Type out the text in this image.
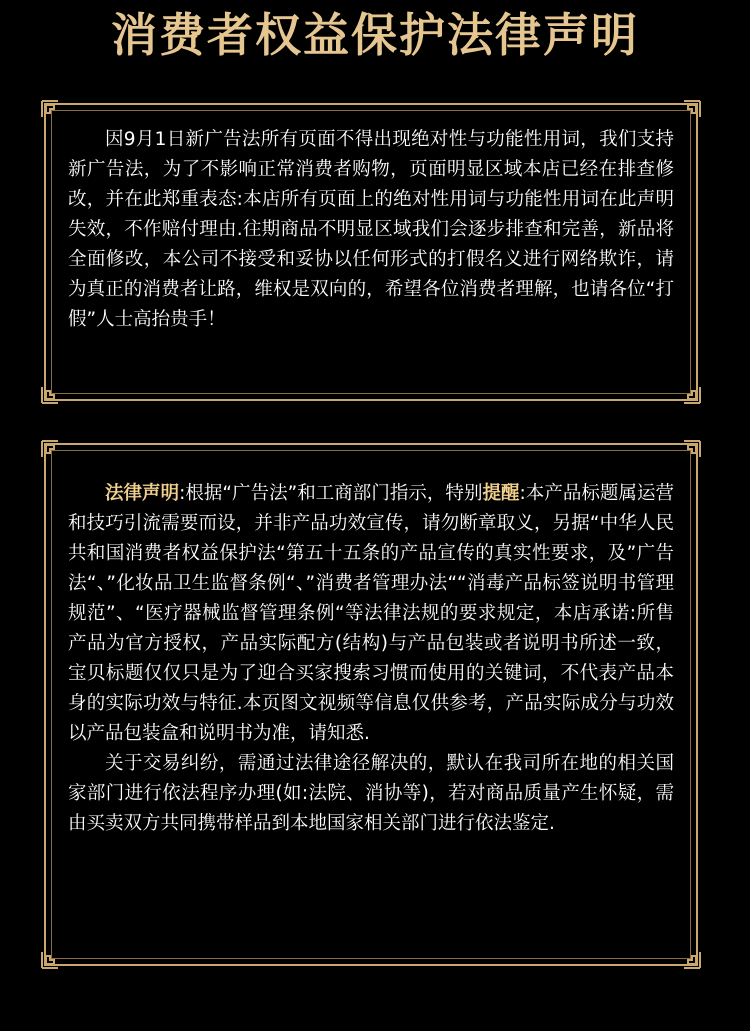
消费者权益保护法律声明

因9月1日新广告法所有页面不得出现绝对性与功能性用词，我们支持新广告法，为了不影响正常消费者购物，页面明显区域本店已经在排查修改，并在此郑重表态:本店所有页面上的绝对性用词与功能性用词在此声明失效，不作赔付理由.往期商品不明显区域我们会逐步排查和完善，新品将全面修改，本公司不接受和妥协以任何形式的打假名义进行网络欺诈，请为真正的消费者让路，维权是双向的，希望各位消费者理解，也请各位“打假”人士高抬贵手！

法律声明:根据“广告法”和工商部门指示，特别提醒:本产品标题属运营和技巧引流需要而设，并非产品功效宣传，请勿断章取义，另据“中华人民共和国消费者权益保护法“第五十五条的产品宣传的真实性要求，及”广告法“、”化妆品卫生监督条例“、”消费者管理办法““消毒产品标签说明书管理规范”、“医疗器械监督管理条例“等法律法规的要求规定，本店承诺:所售产品为官方授权，产品实际配方(结构)与产品包装或者说明书所述一致，宝贝标题仅仅只是为了迎合买家搜索习惯而使用的关键词，不代表产品本身的实际功效与特征.本页图文视频等信息仅供参考，产品实际成分与功效以产品包装盒和说明书为准，请知悉.

关于交易纠纷，需通过法律途径解决的，默认在我司所在地的相关国家部门进行依法程序办理(如:法院、消协等)，若对商品质量产生怀疑，需由买卖双方共同携带样品到本地国家相关部门进行依法鉴定.
